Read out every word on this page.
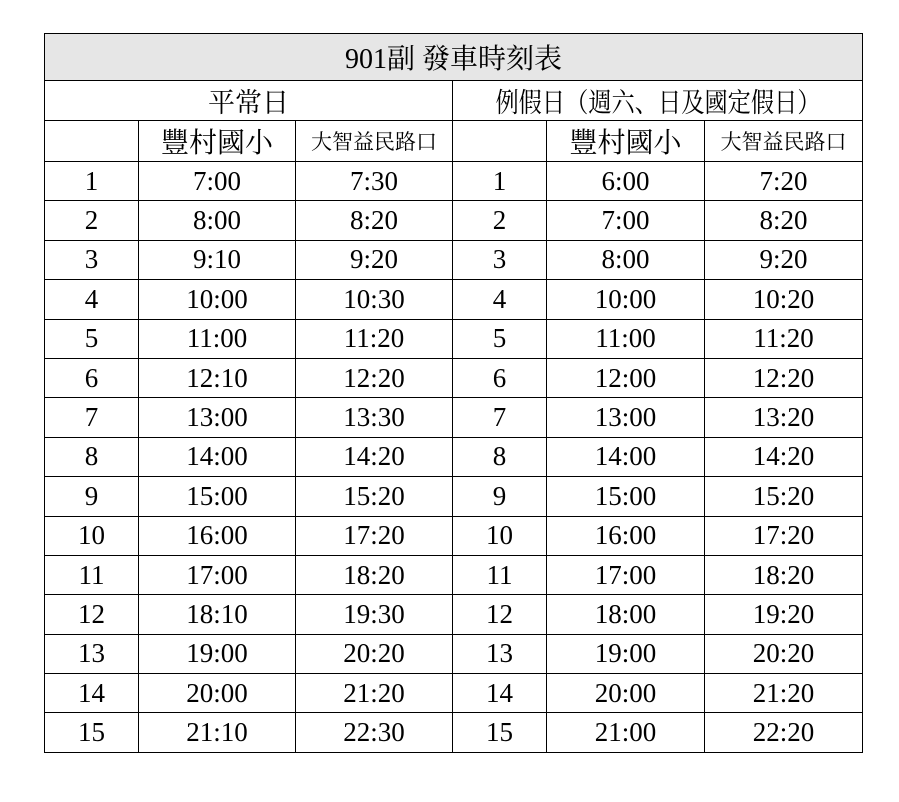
901副 發車時刻表					
平常日			例假日（週六、日及國定假日）		
	豐村國小	大智益民路口		豐村國小	大智益民路口
1	7:00	7:30	1	6:00	7:20
2	8:00	8:20	2	7:00	8:20
3	9:10	9:20	3	8:00	9:20
4	10:00	10:30	4	10:00	10:20
5	11:00	11:20	5	11:00	11:20
6	12:10	12:20	6	12:00	12:20
7	13:00	13:30	7	13:00	13:20
8	14:00	14:20	8	14:00	14:20
9	15:00	15:20	9	15:00	15:20
10	16:00	17:20	10	16:00	17:20
11	17:00	18:20	11	17:00	18:20
12	18:10	19:30	12	18:00	19:20
13	19:00	20:20	13	19:00	20:20
14	20:00	21:20	14	20:00	21:20
15	21:10	22:30	15	21:00	22:20
